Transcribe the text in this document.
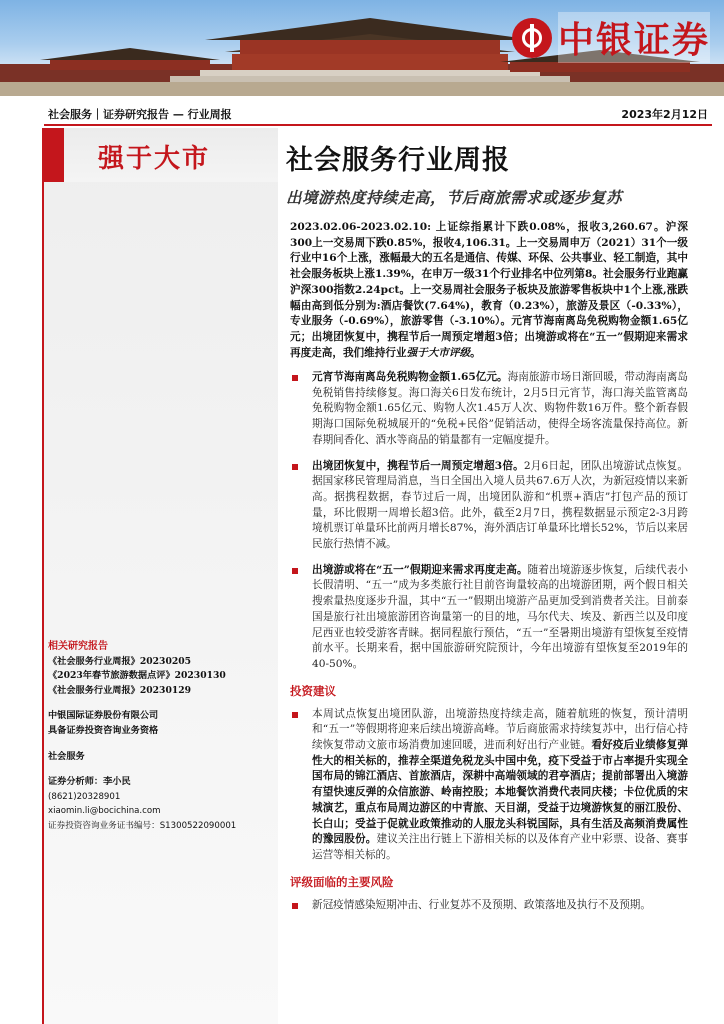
中银证券
社会服务｜证券研究报告 — 行业周报	2023年2月12日
强于大市	社会服务行业周报
出境游热度持续走高，节后商旅需求或逐步复苏
2023.02.06-2023.02.10: 上证综指累计下跌0.08%，报收3,260.67。沪深300上一交易周下跌0.85%，报收4,106.31。上一交易周申万（2021）31个一级行业中16个上涨，涨幅最大的五名是通信、传媒、环保、公共事业、轻工制造，其中社会服务板块上涨1.39%，在申万一级31个行业排名中位列第8。社会服务行业跑赢沪深300指数2.24pct。上一交易周社会服务子板块及旅游零售板块中1个上涨,涨跌幅由高到低分别为:酒店餐饮(7.64%)，教育（0.23%），旅游及景区（-0.33%），专业服务（-0.69%），旅游零售（-3.10%）。元宵节海南离岛免税购物金额1.65亿元；出境团恢复中，携程节后一周预定增超3倍；出境游或将在“五一”假期迎来需求再度走高，我们维持行业强于大市评级。
元宵节海南离岛免税购物金额1.65亿元。海南旅游市场日渐回暖，带动海南离岛免税销售持续修复。海口海关6日发布统计，2月5日元宵节，海口海关监管离岛免税购物金额1.65亿元、购物人次1.45万人次、购物件数16万件。整个新春假期海口国际免税城展开的“免税+民俗”促销活动，使得全场客流量保持高位。新春期间香化、酒水等商品的销量都有一定幅度提升。
出境团恢复中，携程节后一周预定增超3倍。2月6日起，团队出境游试点恢复。据国家移民管理局消息，当日全国出入境人员共67.6万人次，为新冠疫情以来新高。据携程数据，春节过后一周，出境团队游和“机票+酒店”打包产品的预订量，环比假期一周增长超3倍。此外，截至2月7日，携程数据显示预定2-3月跨境机票订单量环比前两月增长87%，海外酒店订单量环比增长52%，节后以来居民旅行热情不减。
出境游或将在“五一”假期迎来需求再度走高。随着出境游逐步恢复，后续代表小长假清明、“五一”成为多类旅行社目前咨询量较高的出境游团期，两个假日相关搜索量热度逐步升温，其中“五一”假期出境游产品更加受到消费者关注。目前泰国是旅行社出境旅游团咨询量第一的目的地，马尔代夫、埃及、新西兰以及印度尼西亚也较受游客青睐。据同程旅行预估，“五一”至暑期出境游有望恢复至疫情前水平。长期来看，据中国旅游研究院预计，今年出境游有望恢复至2019年的40-50%。
投资建议
本周试点恢复出境团队游，出境游热度持续走高，随着航班的恢复，预计清明和“五一”等假期将迎来后续出境游高峰。节后商旅需求持续复苏中，出行信心持续恢复带动文旅市场消费加速回暖，进而利好出行产业链。看好疫后业绩修复弹性大的相关标的，推荐全渠道免税龙头中国中免，疫下受益于市占率提升实现全国布局的锦江酒店、首旅酒店，深耕中高端领域的君亭酒店；提前部署出入境游有望快速反弹的众信旅游、岭南控股；本地餐饮消费代表同庆楼；卡位优质的宋城演艺，重点布局周边游区的中青旅、天目湖，受益于边境游恢复的丽江股份、长白山；受益于促就业政策推动的人服龙头科锐国际，具有生活及高频消费属性的豫园股份。建议关注出行链上下游相关标的以及体育产业中彩票、设备、赛事运营等相关标的。
评级面临的主要风险
新冠疫情感染短期冲击、行业复苏不及预期、政策落地及执行不及预期。
相关研究报告
《社会服务行业周报》20230205
《2023年春节旅游数据点评》20230130
《社会服务行业周报》20230129
中银国际证券股份有限公司
具备证券投资咨询业务资格
社会服务
证券分析师：李小民
(8621)20328901
xiaomin.li@bocichina.com
证券投资咨询业务证书编号：S1300522090001
